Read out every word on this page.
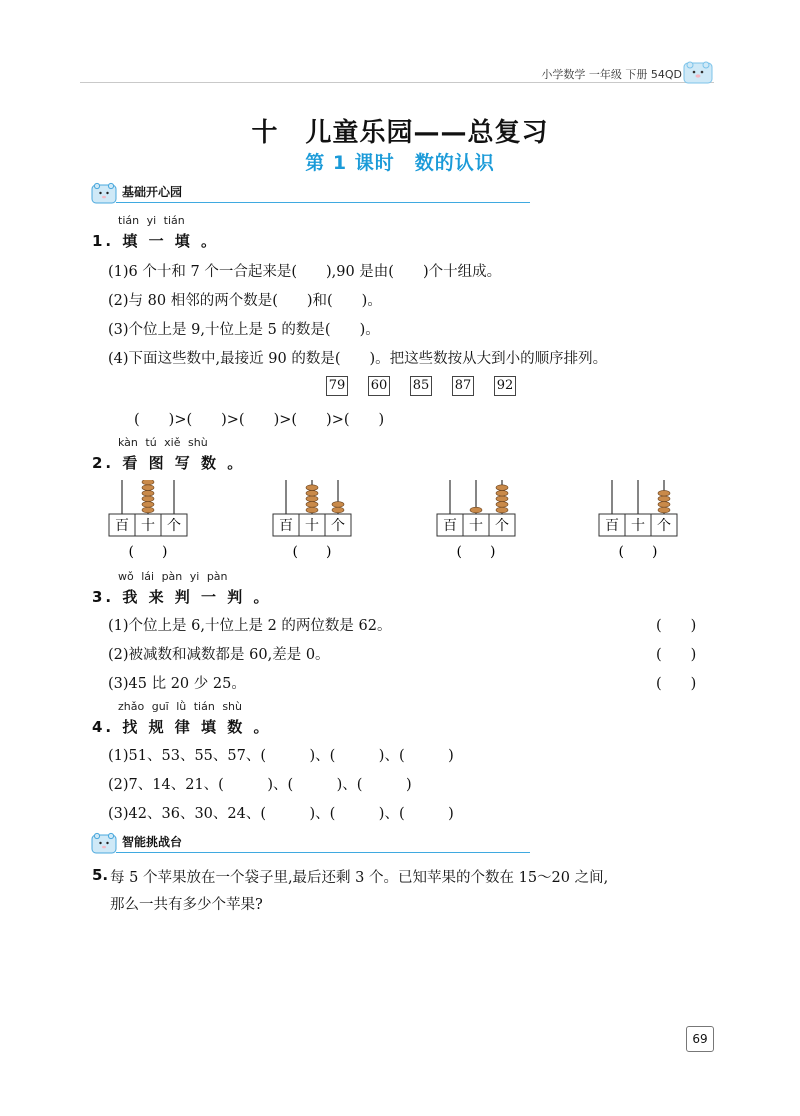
小学数学 一年级 下册 54QD
十　儿童乐园——总复习
第 1 课时　数的认识
基础开心园
tián yi tián
1. 填 一 填 。
(1)6 个十和 7 个一合起来是(　　),90 是由(　　)个十组成。
(2)与 80 相邻的两个数是(　　)和(　　)。
(3)个位上是 9,十位上是 5 的数是(　　)。
(4)下面这些数中,最接近 90 的数是(　　)。把这些数按从大到小的顺序排列。
79 60 85 87 92
(　　)>(　　)>(　　)>(　　)>(　　)
kàn tú xiě shù
2. 看 图 写 数 。
百 十 个
(　　)
百 十 个
(　　)
百 十 个
(　　)
百 十 个
(　　)
wǒ lái pàn yi pàn
3. 我 来 判 一 判 。
(1)个位上是 6,十位上是 2 的两位数是 62。
(2)被减数和减数都是 60,差是 0。
(3)45 比 20 少 25。
(　　)
(　　)
(　　)
zhǎo guī lǜ tián shù
4. 找 规 律 填 数 。
(1)51、53、55、57、(　　　)、(　　　)、(　　　)
(2)7、14、21、(　　　)、(　　　)、(　　　)
(3)42、36、30、24、(　　　)、(　　　)、(　　　)
智能挑战台
5. 每 5 个苹果放在一个袋子里,最后还剩 3 个。已知苹果的个数在 15～20 之间,
那么一共有多少个苹果?
69
